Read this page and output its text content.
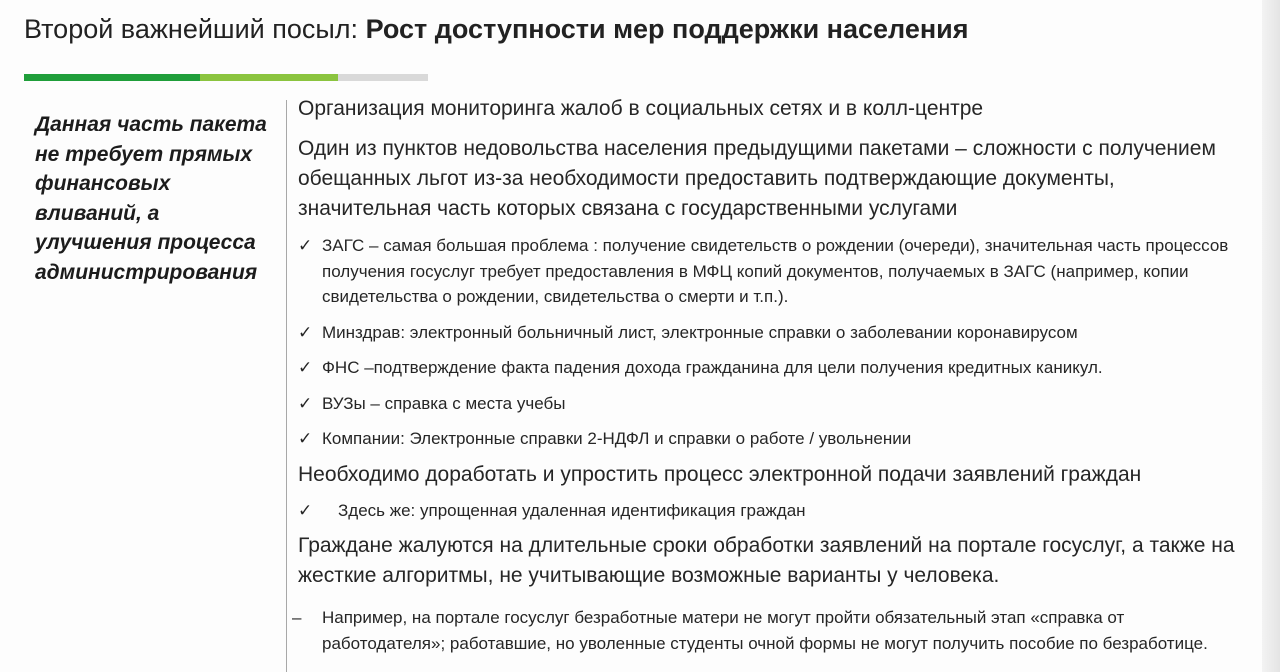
Второй важнейший посыл: Рост доступности мер поддержки населения

Данная часть пакета не требует прямых финансовых вливаний, а улучшения процесса администрирования

Организация мониторинга жалоб в социальных сетях и в колл-центре

Один из пунктов недовольства населения предыдущими пакетами – сложности с получением обещанных льгот из-за необходимости предоставить подтверждающие документы, значительная часть которых связана с государственными услугами

✓ ЗАГС – самая большая проблема : получение свидетельств о рождении (очереди), значительная часть процессов получения госуслуг требует предоставления в МФЦ копий документов, получаемых в ЗАГС (например, копии свидетельства о рождении, свидетельства о смерти и т.п.).
✓ Минздрав: электронный больничный лист, электронные справки о заболевании коронавирусом
✓ ФНС –подтверждение факта падения дохода гражданина для цели получения кредитных каникул.
✓ ВУЗы – справка с места учебы
✓ Компании: Электронные справки 2-НДФЛ и справки о работе / увольнении

Необходимо доработать и упростить процесс электронной подачи заявлений граждан

✓	Здесь же: упрощенная удаленная идентификация граждан

Граждане жалуются на длительные сроки обработки заявлений на портале госуслуг, а также на жесткие алгоритмы, не учитывающие возможные варианты у человека.

–	Например, на портале госуслуг безработные матери не могут пройти обязательный этап «справка от работодателя»; работавшие, но уволенные студенты очной формы не могут получить пособие по безработице.
